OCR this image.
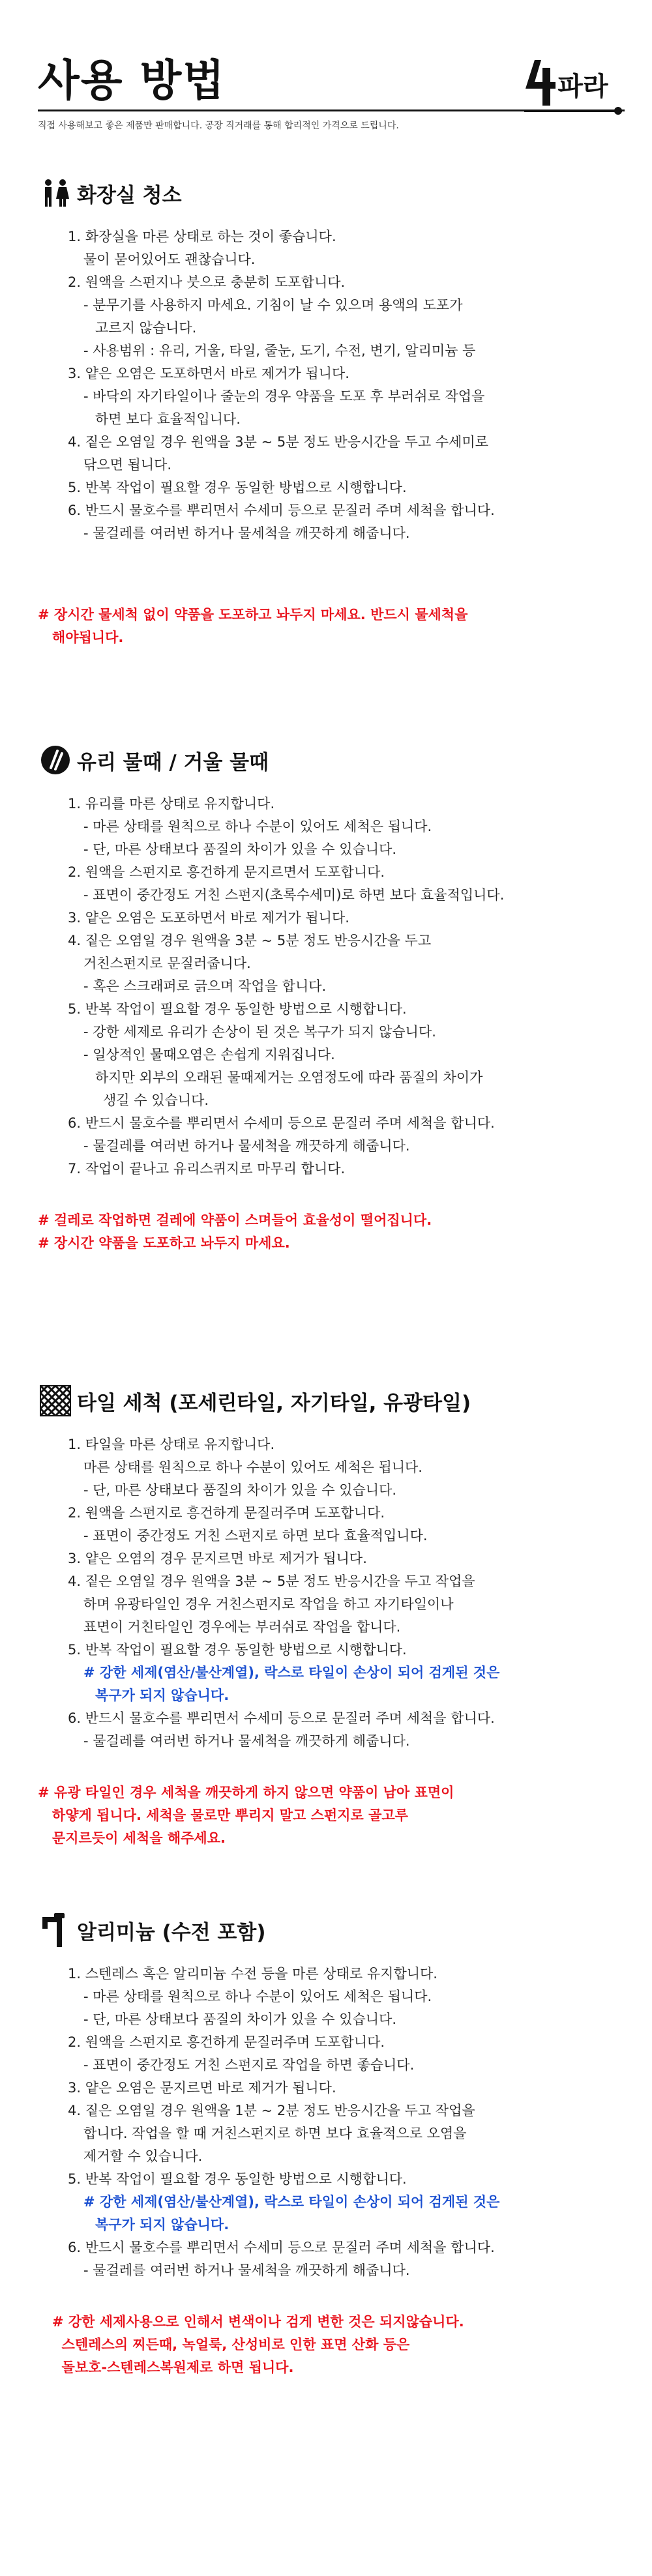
사용 방법
직접 사용해보고 좋은 제품만 판매합니다. 공장 직거래를 통해 합리적인 가격으로 드립니다.
파라
화장실 청소
1. 화장실을 마른 상태로 하는 것이 좋습니다.
물이 묻어있어도 괜찮습니다.
2. 원액을 스펀지나 붓으로 충분히 도포합니다.
- 분무기를 사용하지 마세요. 기침이 날 수 있으며 용액의 도포가
고르지 않습니다.
- 사용범위 : 유리, 거울, 타일, 줄눈, 도기, 수전, 변기, 알리미늄 등
3. 얕은 오염은 도포하면서 바로 제거가 됩니다.
- 바닥의 자기타일이나 줄눈의 경우 약품을 도포 후 부러쉬로 작업을
하면 보다 효율적입니다.
4. 짙은 오염일 경우 원액을 3분 ~ 5분 정도 반응시간을 두고 수세미로
닦으면 됩니다.
5. 반복 작업이 필요할 경우 동일한 방법으로 시행합니다.
6. 반드시 물호수를 뿌리면서 수세미 등으로 문질러 주며 세척을 합니다.
- 물걸레를 여러번 하거나 물세척을 깨끗하게 해줍니다.
# 장시간 물세척 없이 약품을 도포하고 놔두지 마세요. 반드시 물세척을
해야됩니다.
유리 물때 / 거울 물때
1. 유리를 마른 상태로 유지합니다.
- 마른 상태를 원칙으로 하나 수분이 있어도 세척은 됩니다.
- 단, 마른 상태보다 품질의 차이가 있을 수 있습니다.
2. 원액을 스펀지로 흥건하게 문지르면서 도포합니다.
- 표면이 중간정도 거친 스펀지(초록수세미)로 하면 보다 효율적입니다.
3. 얕은 오염은 도포하면서 바로 제거가 됩니다.
4. 짙은 오염일 경우 원액을 3분 ~ 5분 정도 반응시간을 두고
거친스펀지로 문질러줍니다.
- 혹은 스크래퍼로 긁으며 작업을 합니다.
5. 반복 작업이 필요할 경우 동일한 방법으로 시행합니다.
- 강한 세제로 유리가 손상이 된 것은 복구가 되지 않습니다.
- 일상적인 물때오염은 손쉽게 지워집니다.
하지만 외부의 오래된 물때제거는 오염정도에 따라 품질의 차이가
생길 수 있습니다.
6. 반드시 물호수를 뿌리면서 수세미 등으로 문질러 주며 세척을 합니다.
- 물걸레를 여러번 하거나 물세척을 깨끗하게 해줍니다.
7. 작업이 끝나고 유리스퀴지로 마무리 합니다.
# 걸레로 작업하면 걸레에 약품이 스며들어 효율성이 떨어집니다.
# 장시간 약품을 도포하고 놔두지 마세요.
타일 세척 (포세린타일, 자기타일, 유광타일)
1. 타일을 마른 상태로 유지합니다.
마른 상태를 원칙으로 하나 수분이 있어도 세척은 됩니다.
- 단, 마른 상태보다 품질의 차이가 있을 수 있습니다.
2. 원액을 스펀지로 흥건하게 문질러주며 도포합니다.
- 표면이 중간정도 거친 스펀지로 하면 보다 효율적입니다.
3. 얕은 오염의 경우 문지르면 바로 제거가 됩니다.
4. 짙은 오염일 경우 원액을 3분 ~ 5분 정도 반응시간을 두고 작업을
하며 유광타일인 경우 거친스펀지로 작업을 하고 자기타일이나
표면이 거친타일인 경우에는 부러쉬로 작업을 합니다.
5. 반복 작업이 필요할 경우 동일한 방법으로 시행합니다.
# 강한 세제(염산/불산계열), 락스로 타일이 손상이 되어 검게된 것은
복구가 되지 않습니다.
6. 반드시 물호수를 뿌리면서 수세미 등으로 문질러 주며 세척을 합니다.
- 물걸레를 여러번 하거나 물세척을 깨끗하게 해줍니다.
# 유광 타일인 경우 세척을 깨끗하게 하지 않으면 약품이 남아 표면이
하얗게 됩니다. 세척을 물로만 뿌리지 말고 스펀지로 골고루
문지르듯이 세척을 해주세요.
알리미늄 (수전 포함)
1. 스텐레스 혹은 알리미늄 수전 등을 마른 상태로 유지합니다.
- 마른 상태를 원칙으로 하나 수분이 있어도 세척은 됩니다.
- 단, 마른 상태보다 품질의 차이가 있을 수 있습니다.
2. 원액을 스펀지로 흥건하게 문질러주며 도포합니다.
- 표면이 중간정도 거친 스펀지로 작업을 하면 좋습니다.
3. 얕은 오염은 문지르면 바로 제거가 됩니다.
4. 짙은 오염일 경우 원액을 1분 ~ 2분 정도 반응시간을 두고 작업을
합니다. 작업을 할 때 거친스펀지로 하면 보다 효율적으로 오염을
제거할 수 있습니다.
5. 반복 작업이 필요할 경우 동일한 방법으로 시행합니다.
# 강한 세제(염산/불산계열), 락스로 타일이 손상이 되어 검게된 것은
복구가 되지 않습니다.
6. 반드시 물호수를 뿌리면서 수세미 등으로 문질러 주며 세척을 합니다.
- 물걸레를 여러번 하거나 물세척을 깨끗하게 해줍니다.
# 강한 세제사용으로 인해서 변색이나 검게 변한 것은 되지않습니다.
스텐레스의 찌든때, 녹얼룩, 산성비로 인한 표면 산화 등은
돌보호-스텐레스복원제로 하면 됩니다.
